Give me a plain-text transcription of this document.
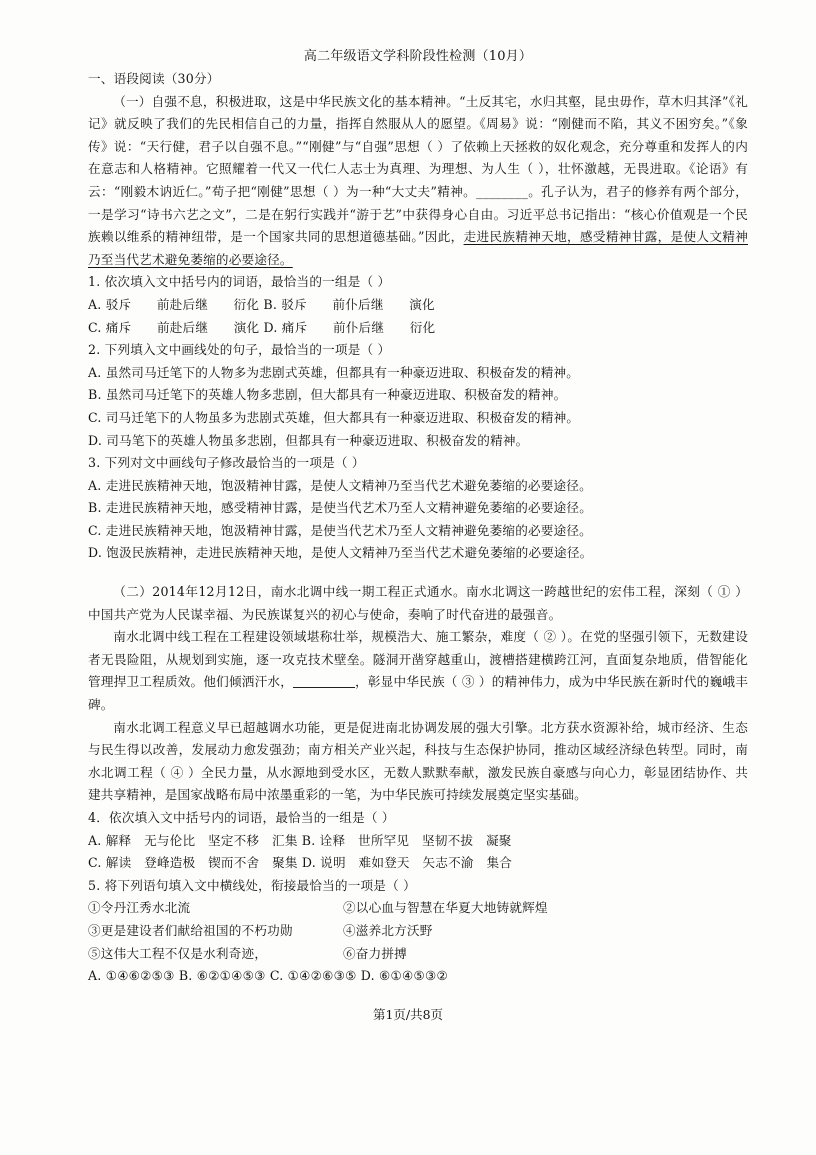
高二年级语文学科阶段性检测（10月）

一、语段阅读（30分）

（一）自强不息，积极进取，这是中华民族文化的基本精神。“土反其宅，水归其壑，昆虫毋作，草木归其泽”《礼记》就反映了我们的先民相信自己的力量，指挥自然服从人的愿望。《周易》说：“刚健而不陷，其义不困穷矣。”《象传》说：“天行健，君子以自强不息。”“刚健”与“自强”思想（ ）了依赖上天拯救的奴化观念，充分尊重和发挥人的内在意志和人格精神。它照耀着一代又一代仁人志士为真理、为理想、为人生（ ），壮怀激越，无畏进取。《论语》有云：“刚毅木讷近仁。”荀子把“刚健”思想（ ）为一种“大丈夫”精神。________。孔子认为，君子的修养有两个部分，一是学习“诗书六艺之文”，二是在躬行实践并“游于艺”中获得身心自由。习近平总书记指出：“核心价值观是一个民族赖以维系的精神纽带，是一个国家共同的思想道德基础。”因此，走进民族精神天地，感受精神甘露，是使人文精神乃至当代艺术避免萎缩的必要途径。

1. 依次填入文中括号内的词语，最恰当的一组是（ ）

A. 驳斥　　前赴后继　　衍化 B. 驳斥　　前仆后继　　演化

C. 痛斥　　前赴后继　　演化 D. 痛斥　　前仆后继　　衍化

2. 下列填入文中画线处的句子，最恰当的一项是（ ）

A. 虽然司马迁笔下的人物多为悲剧式英雄，但都具有一种豪迈进取、积极奋发的精神。

B. 虽然司马迁笔下的英雄人物多悲剧，但大都具有一种豪迈进取、积极奋发的精神。

C. 司马迁笔下的人物虽多为悲剧式英雄，但大都具有一种豪迈进取、积极奋发的精神。

D. 司马笔下的英雄人物虽多悲剧，但都具有一种豪迈进取、积极奋发的精神。

3. 下列对文中画线句子修改最恰当的一项是（ ）

A. 走进民族精神天地，饱汲精神甘露，是使人文精神乃至当代艺术避免萎缩的必要途径。

B. 走进民族精神天地，感受精神甘露，是使当代艺术乃至人文精神避免萎缩的必要途径。

C. 走进民族精神天地，饱汲精神甘露，是使当代艺术乃至人文精神避免萎缩的必要途径。

D. 饱汲民族精神，走进民族精神天地，是使人文精神乃至当代艺术避免萎缩的必要途径。

（二）2014年12月12日，南水北调中线一期工程正式通水。南水北调这一跨越世纪的宏伟工程，深刻（ ① ）中国共产党为人民谋幸福、为民族谋复兴的初心与使命，奏响了时代奋进的最强音。

南水北调中线工程在工程建设领域堪称壮举，规模浩大、施工繁杂，难度（ ② ）。在党的坚强引领下，无数建设者无畏险阻，从规划到实施，逐一攻克技术壁垒。隧洞开凿穿越重山，渡槽搭建横跨江河，直面复杂地质，借智能化管理捍卫工程质效。他们倾洒汗水，	，彰显中华民族（ ③ ）的精神伟力，成为中华民族在新时代的巍峨丰碑。

南水北调工程意义早已超越调水功能，更是促进南北协调发展的强大引擎。北方获水资源补给，城市经济、生态与民生得以改善，发展动力愈发强劲；南方相关产业兴起，科技与生态保护协同，推动区域经济绿色转型。同时，南水北调工程（ ④ ）全民力量，从水源地到受水区，无数人默默奉献，激发民族自豪感与向心力，彰显团结协作、共建共享精神，是国家战略布局中浓墨重彩的一笔，为中华民族可持续发展奠定坚实基础。

4．依次填入文中括号内的词语，最恰当的一组是（ ）

A. 解释　无与伦比　坚定不移　汇集 B. 诠释　世所罕见　坚韧不拔　凝聚

C. 解读　登峰造极　锲而不舍　聚集 D. 说明　难如登天　矢志不渝　集合

5. 将下列语句填入文中横线处，衔接最恰当的一项是（ ）

①令丹江秀水北流	②以心血与智慧在华夏大地铸就辉煌
③更是建设者们献给祖国的不朽功勋	④滋养北方沃野
⑤这伟大工程不仅是水利奇迹，	⑥奋力拼搏

A. ①④⑥②⑤③ B. ⑥②①④⑤③ C. ①④②⑥③⑤ D. ⑥①④⑤③②

第1页/共8页
